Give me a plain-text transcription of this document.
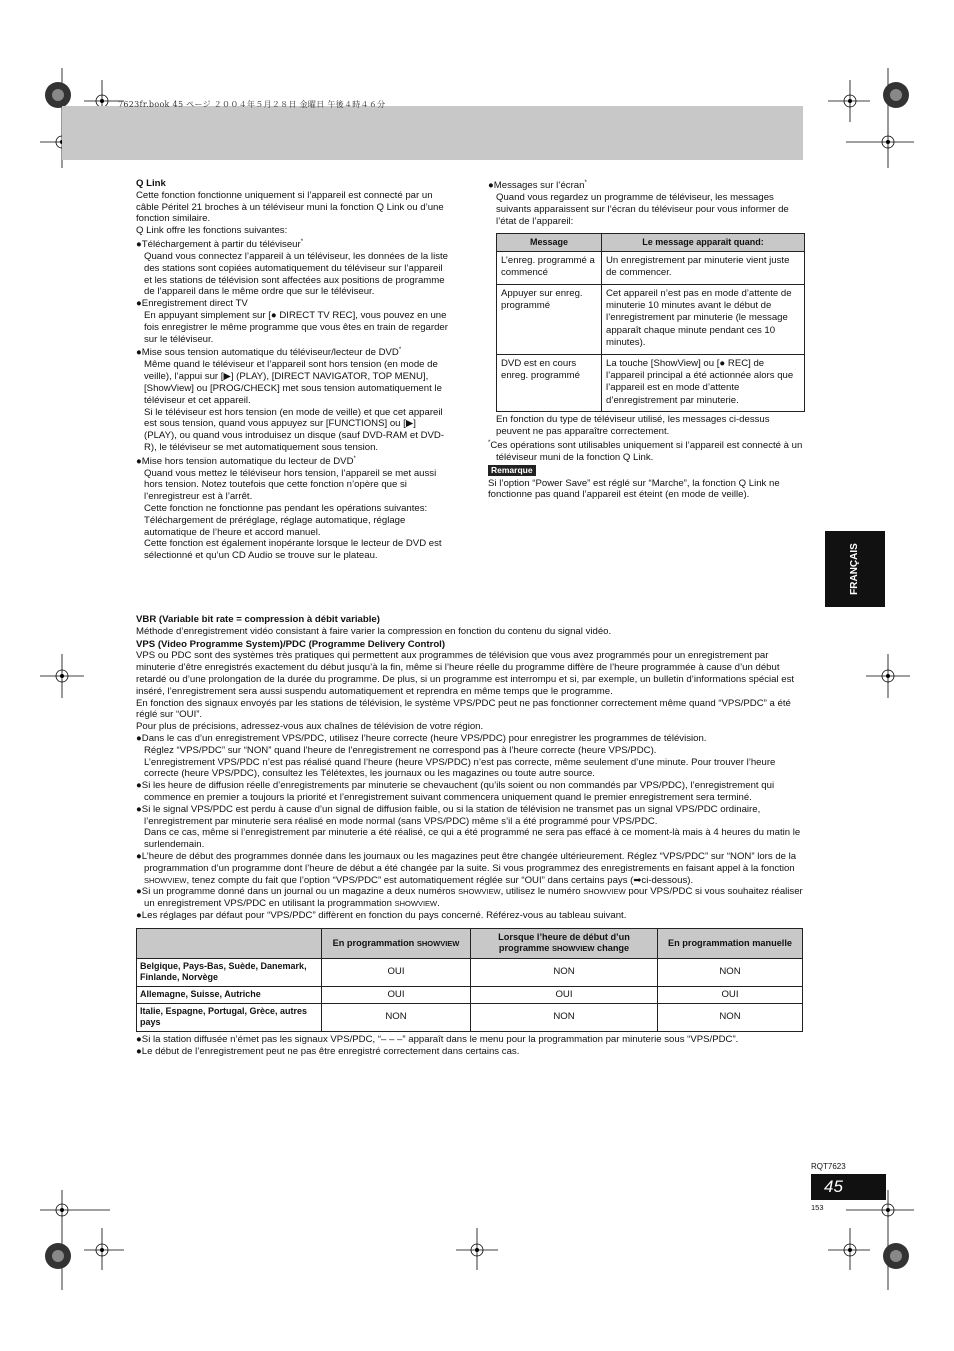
7623fr.book 45 ページ ２００４年５月２８日 金曜日 午後４時４６分

Q Link

Cette fonction fonctionne uniquement si l’appareil est connecté par un câble Péritel 21 broches à un téléviseur muni la fonction Q Link ou d’une fonction similaire.

Q Link offre les fonctions suivantes:

●Téléchargement à partir du téléviseur*

Quand vous connectez l’appareil à un téléviseur, les données de la liste des stations sont copiées automatiquement du téléviseur sur l’appareil et les stations de télévision sont affectées aux positions de programme de l’appareil dans le même ordre que sur le téléviseur.

●Enregistrement direct TV

En appuyant simplement sur [● DIRECT TV REC], vous pouvez en une fois enregistrer le même programme que vous êtes en train de regarder sur le téléviseur.

●Mise sous tension automatique du téléviseur/lecteur de DVD*

Même quand le téléviseur et l’appareil sont hors tension (en mode de veille), l’appui sur [▶] (PLAY), [DIRECT NAVIGATOR, TOP MENU], [ShowView] ou [PROG/CHECK] met sous tension automatiquement le téléviseur et cet appareil.

Si le téléviseur est hors tension (en mode de veille) et que cet appareil est sous tension, quand vous appuyez sur [FUNCTIONS] ou [▶] (PLAY), ou quand vous introduisez un disque (sauf DVD-RAM et DVD-R), le téléviseur se met automatiquement sous tension.

●Mise hors tension automatique du lecteur de DVD*

Quand vous mettez le téléviseur hors tension, l’appareil se met aussi hors tension. Notez toutefois que cette fonction n’opère que si l’enregistreur est à l’arrêt.

Cette fonction ne fonctionne pas pendant les opérations suivantes: Téléchargement de préréglage, réglage automatique, réglage automatique de l’heure et accord manuel.

Cette fonction est également inopérante lorsque le lecteur de DVD est sélectionné et qu’un CD Audio se trouve sur le plateau.

●Messages sur l’écran*

Quand vous regardez un programme de téléviseur, les messages suivants apparaissent sur l’écran du téléviseur pour vous informer de l’état de l’appareil:

Message	Le message apparaît quand:
L’enreg. programmé a commencé	Un enregistrement par minuterie vient juste de commencer.
Appuyer sur enreg. programmé	Cet appareil n’est pas en mode d’attente de minuterie 10 minutes avant le début de l’enregistrement par minuterie (le message apparaît chaque minute pendant ces 10 minutes).
DVD est en cours enreg. programmé	La touche [ShowView] ou [● REC] de l’appareil principal a été actionnée alors que l’appareil est en mode d’attente d’enregistrement par minuterie.

En fonction du type de téléviseur utilisé, les messages ci-dessus peuvent ne pas apparaître correctement.

*Ces opérations sont utilisables uniquement si l’appareil est connecté à un téléviseur muni de la fonction Q Link.

Remarque

Si l’option “Power Save” est réglé sur “Marche”, la fonction Q Link ne fonctionne pas quand l’appareil est éteint (en mode de veille).

FRANÇAIS

VBR (Variable bit rate = compression à débit variable)

Méthode d’enregistrement vidéo consistant à faire varier la compression en fonction du contenu du signal vidéo.

VPS (Video Programme System)/PDC (Programme Delivery Control)

VPS ou PDC sont des systèmes très pratiques qui permettent aux programmes de télévision que vous avez programmés pour un enregistrement par minuterie d’être enregistrés exactement du début jusqu’à la fin, même si l’heure réelle du programme diffère de l’heure programmée à cause d’un début retardé ou d’une prolongation de la durée du programme. De plus, si un programme est interrompu et si, par exemple, un bulletin d’informations spécial est inséré, l’enregistrement sera aussi suspendu automatiquement et reprendra en même temps que le programme.

En fonction des signaux envoyés par les stations de télévision, le système VPS/PDC peut ne pas fonctionner correctement même quand “VPS/PDC” a été réglé sur “OUI”.

Pour plus de précisions, adressez-vous aux chaînes de télévision de votre région.

●Dans le cas d’un enregistrement VPS/PDC, utilisez l’heure correcte (heure VPS/PDC) pour enregistrer les programmes de télévision.

Réglez “VPS/PDC” sur “NON” quand l’heure de l’enregistrement ne correspond pas à l’heure correcte (heure VPS/PDC).

L’enregistrement VPS/PDC n’est pas réalisé quand l’heure (heure VPS/PDC) n’est pas correcte, même seulement d’une minute. Pour trouver l’heure correcte (heure VPS/PDC), consultez les Télétextes, les journaux ou les magazines ou toute autre source.

●Si les heure de diffusion réelle d’enregistrements par minuterie se chevauchent (qu’ils soient ou non commandés par VPS/PDC), l’enregistrement qui commence en premier a toujours la priorité et l’enregistrement suivant commencera uniquement quand le premier enregistrement sera terminé.

●Si le signal VPS/PDC est perdu à cause d’un signal de diffusion faible, ou si la station de télévision ne transmet pas un signal VPS/PDC ordinaire, l’enregistrement par minuterie sera réalisé en mode normal (sans VPS/PDC) même s’il a été programmé pour VPS/PDC.

Dans ce cas, même si l’enregistrement par minuterie a été réalisé, ce qui a été programmé ne sera pas effacé à ce moment-là mais à 4 heures du matin le surlendemain.

●L’heure de début des programmes donnée dans les journaux ou les magazines peut être changée ultérieurement. Réglez “VPS/PDC” sur “NON” lors de la programmation d’un programme dont l’heure de début a été changée par la suite. Si vous programmez des enregistrements en faisant appel à la fonction SHOWVIEW, tenez compte du fait que l’option “VPS/PDC” est automatiquement réglée sur “OUI” dans certains pays (➡ci-dessous).

●Si un programme donné dans un journal ou un magazine a deux numéros SHOWVIEW, utilisez le numéro SHOWVIEW pour VPS/PDC si vous souhaitez réaliser un enregistrement VPS/PDC en utilisant la programmation SHOWVIEW.

●Les réglages par défaut pour “VPS/PDC” diffèrent en fonction du pays concerné. Référez-vous au tableau suivant.

	En programmation SHOWVIEW	Lorsque l’heure de début d’un programme SHOWVIEW change	En programmation manuelle
Belgique, Pays-Bas, Suède, Danemark, Finlande, Norvège	OUI	NON	NON
Allemagne, Suisse, Autriche	OUI	OUI	OUI
Italie, Espagne, Portugal, Grèce, autres pays	NON	NON	NON

●Si la station diffusée n’émet pas les signaux VPS/PDC, “– – –” apparaît dans le menu pour la programmation par minuterie sous “VPS/PDC”.

●Le début de l’enregistrement peut ne pas être enregistré correctement dans certains cas.

RQT7623
45
153
